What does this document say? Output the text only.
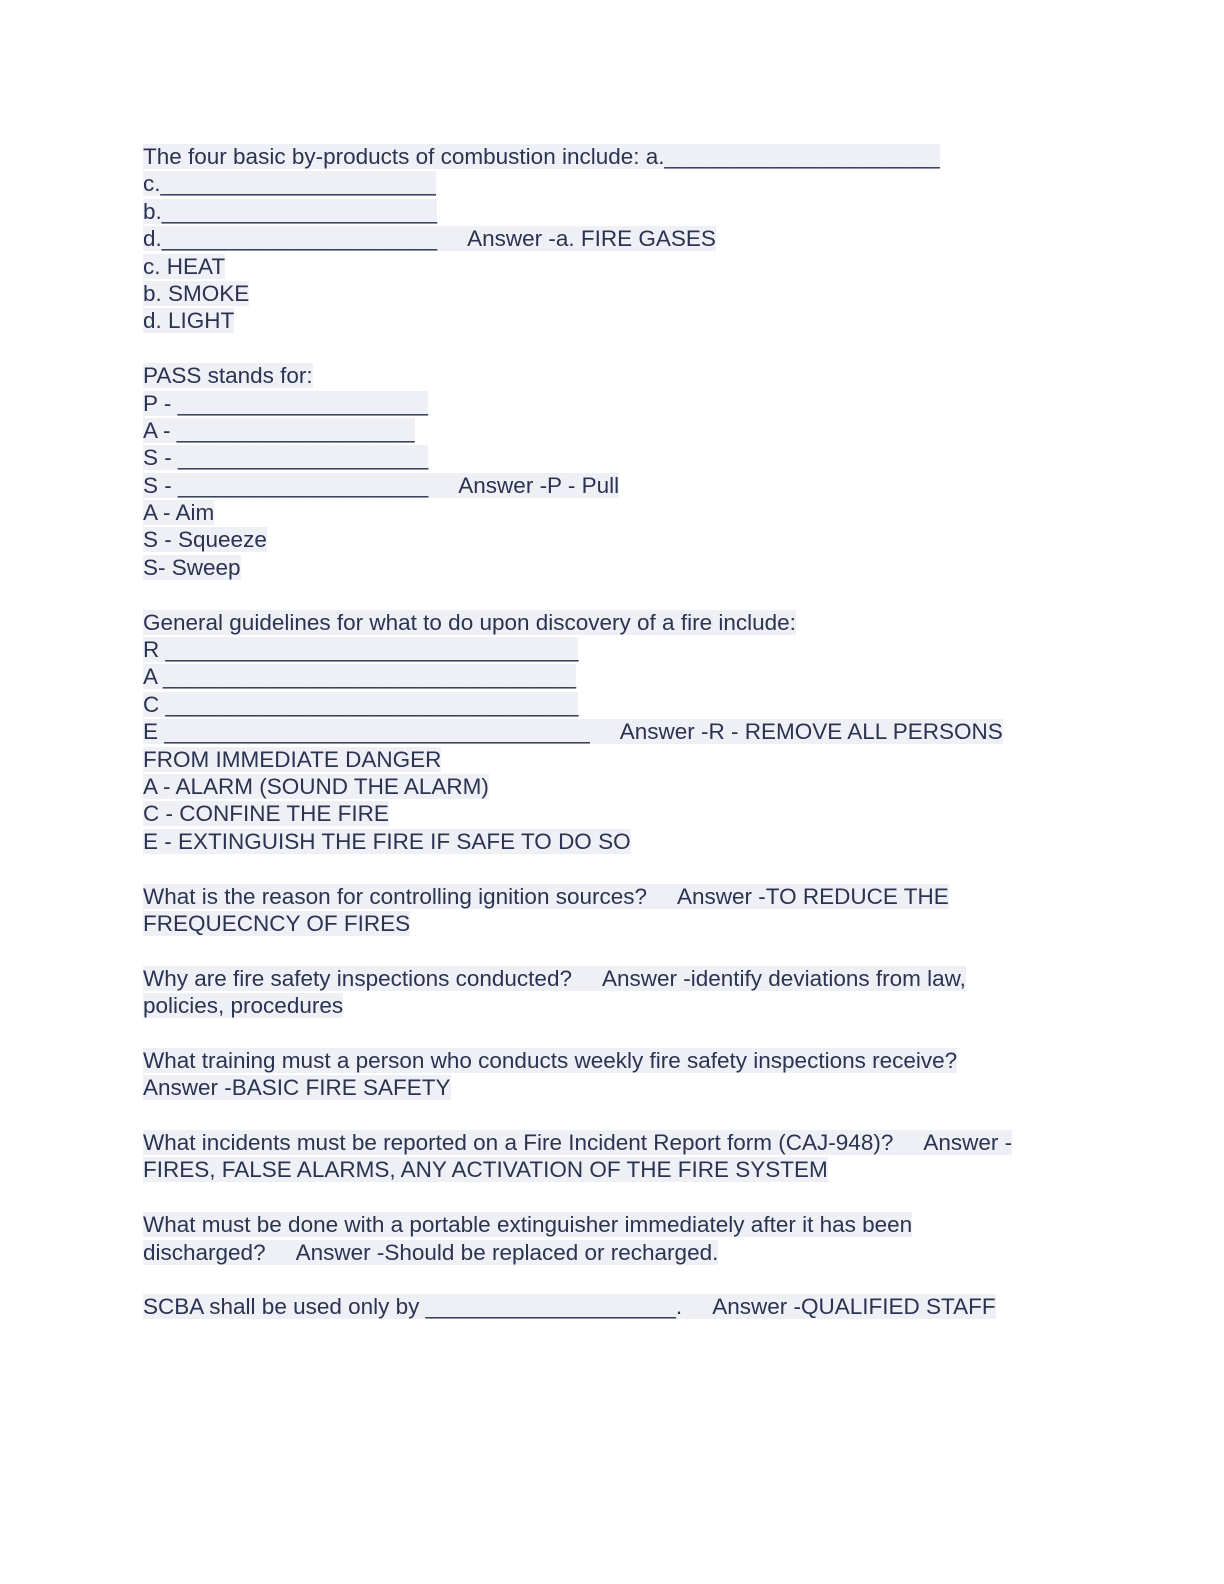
The four basic by-products of combustion include: a.______________________
c.______________________
b.______________________
d.______________________     Answer -a. FIRE GASES
c. HEAT
b. SMOKE
d. LIGHT
PASS stands for:
P - ____________________
A - ___________________
S - ____________________
S - ____________________     Answer -P - Pull
A - Aim
S - Squeeze
S- Sweep
General guidelines for what to do upon discovery of a fire include:
R _________________________________
A _________________________________
C _________________________________
E __________________________________     Answer -R - REMOVE ALL PERSONS
FROM IMMEDIATE DANGER
A - ALARM (SOUND THE ALARM)
C - CONFINE THE FIRE
E - EXTINGUISH THE FIRE IF SAFE TO DO SO
What is the reason for controlling ignition sources?     Answer -TO REDUCE THE
FREQUECNCY OF FIRES
Why are fire safety inspections conducted?     Answer -identify deviations from law,
policies, procedures
What training must a person who conducts weekly fire safety inspections receive?
Answer -BASIC FIRE SAFETY
What incidents must be reported on a Fire Incident Report form (CAJ-948)?     Answer -
FIRES, FALSE ALARMS, ANY ACTIVATION OF THE FIRE SYSTEM
What must be done with a portable extinguisher immediately after it has been
discharged?     Answer -Should be replaced or recharged.
SCBA shall be used only by ____________________.     Answer -QUALIFIED STAFF
